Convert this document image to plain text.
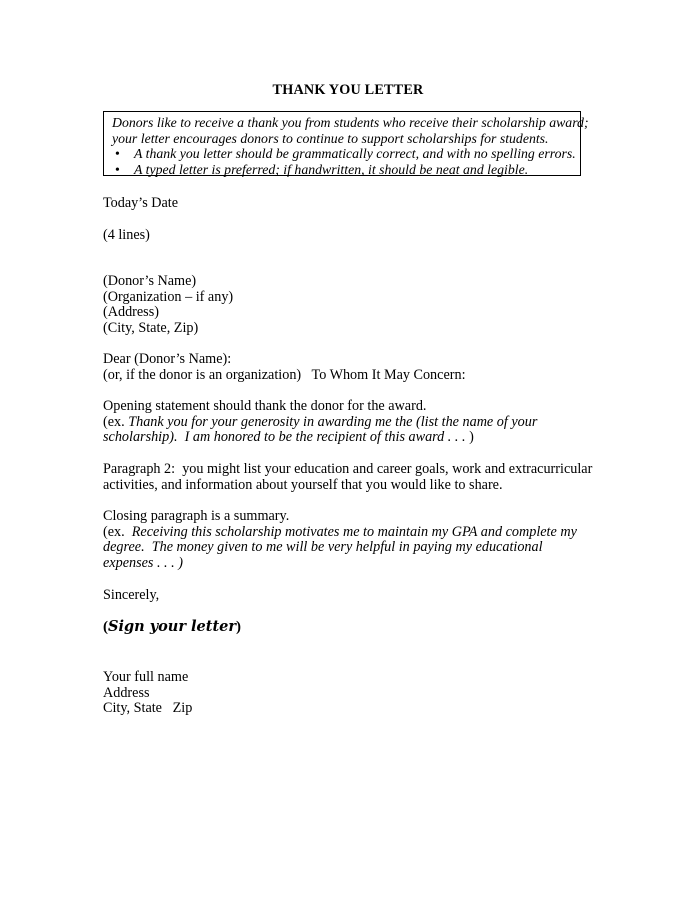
THANK YOU LETTER
Donors like to receive a thank you from students who receive their scholarship award;
your letter encourages donors to continue to support scholarships for students.
• A thank you letter should be grammatically correct, and with no spelling errors.
• A typed letter is preferred; if handwritten, it should be neat and legible.
Today’s Date
(4 lines)
(Donor’s Name)
(Organization – if any)
(Address)
(City, State, Zip)
Dear (Donor’s Name):
(or, if the donor is an organization)   To Whom It May Concern:
Opening statement should thank the donor for the award.
(ex. Thank you for your generosity in awarding me the (list the name of your
scholarship).  I am honored to be the recipient of this award . . . )
Paragraph 2:  you might list your education and career goals, work and extracurricular
activities, and information about yourself that you would like to share.
Closing paragraph is a summary.
(ex.  Receiving this scholarship motivates me to maintain my GPA and complete my
degree.  The money given to me will be very helpful in paying my educational
expenses . . . )
Sincerely,
(Sign your letter)
Your full name
Address
City, State   Zip
